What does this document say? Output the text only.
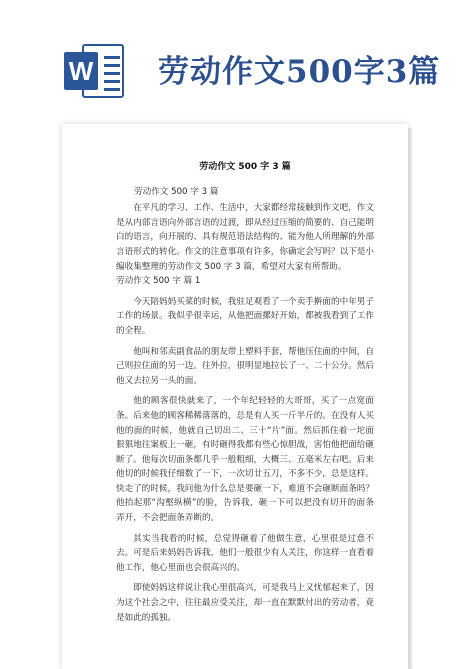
W 劳动作文500字3篇

劳动作文 500 字 3 篇

劳动作文 500 字 3 篇

在平凡的学习、工作、生活中，大家都经常接触到作文吧，作文是从内部言语向外部言语的过渡，即从经过压缩的简要的、自己能明白的语言，向开展的、具有规范语法结构的、能为他人所理解的外部言语形式的转化。作文的注意事项有许多，你确定会写吗？以下是小编收集整理的劳动作文 500 字 3 篇，希望对大家有所帮助。

劳动作文 500 字 篇 1

今天陪妈妈买菜的时候，我驻足观看了一个卖手擀面的中年男子工作的场景。我似乎很幸运，从他把面摞好开始，都被我看到了工作的全程。

他叫和邻卖副食品的朋友带上塑料手套，帮他压住面的中间，自己则拉住面的另一边。往外拉，很明显地拉长了一、二十公分。然后他又去拉另一头的面。

他的顾客很快就来了，一个年纪轻轻的大哥哥，买了一点宽面条。后来他的顾客稀稀落落的，总是有人买一斤半斤的。在没有人买他的面的时候，他就自己切出二、三十“片”面。然后抓住着一坨面狠狠地往案板上一砸，有时砸得我都有些心惊胆战，害怕他把面给砸断了。他每次切面条都几乎一般粗细，大概三、五毫米左右吧。后来他切的时候我仔细数了一下，一次切廿五刀，不多不少，总是这样。快走了的时候，我问他为什么总是要砸一下，难道不会砸断面条吗？他抬起那“沟壑纵横”的脸，告诉我，砸一下可以把没有切开的面条弄开，不会把面条弄断的。

其实当我看的时候，总觉得砸着了他做生意，心里很是过意不去。可是后来妈妈告诉我，他们一般很少有人关注，你这样一直看着他工作，他心里面也会很高兴的。

即使妈妈这样说让我心里很高兴，可是我马上又忧郁起来了，因为这个社会之中，往往最应受关注，却一直在默默付出的劳动者，竟是如此的孤独。
